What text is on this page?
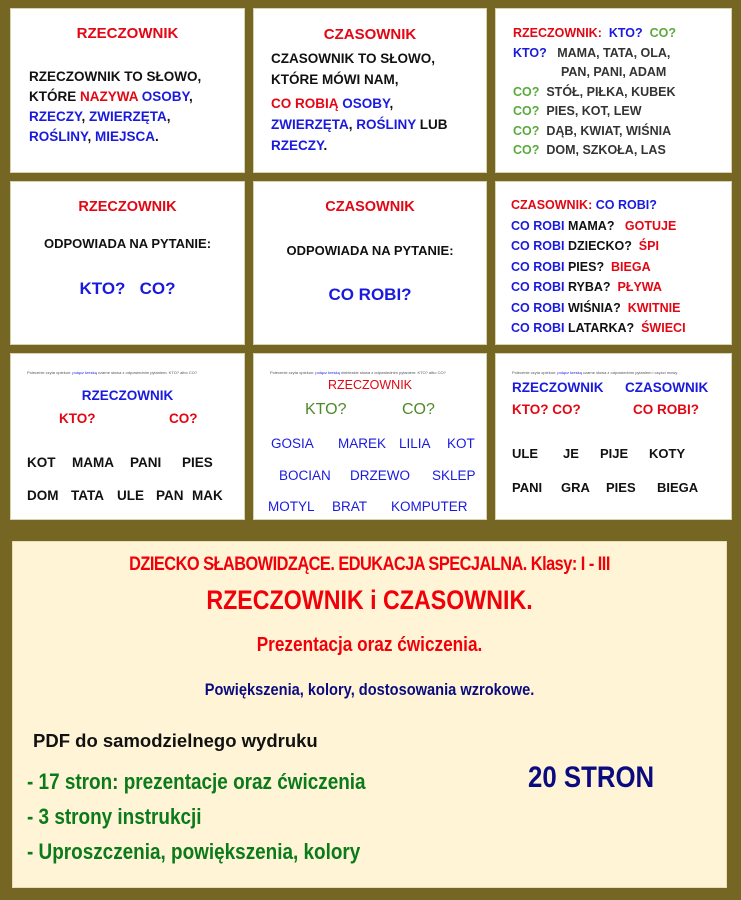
RZECZOWNIK
RZECZOWNIK TO SŁOWO,
KTÓRE NAZYWA OSOBY,
RZECZY, ZWIERZĘTA,
ROŚLINY, MIEJSCA.
CZASOWNIK
CZASOWNIK TO SŁOWO,
KTÓRE MÓWI NAM,
CO ROBIĄ OSOBY,
ZWIERZĘTA, ROŚLINY LUB
RZECZY.
RZECZOWNIK: KTO? CO?
KTO? MAMA, TATA, OLA,
PAN, PANI, ADAM
CO? STÓŁ, PIŁKA, KUBEK
CO? PIES, KOT, LEW
CO? DĄB, KWIAT, WIŚNIA
CO? DOM, SZKOŁA, LAS
RZECZOWNIK
ODPOWIADA NA PYTANIE:
KTO?   CO?
CZASOWNIK
ODPOWIADA NA PYTANIE:
CO ROBI?
CZASOWNIK: CO ROBI?
CO ROBI MAMA? GOTUJE
CO ROBI DZIECKO? ŚPI
CO ROBI PIES? BIEGA
CO ROBI RYBA? PŁYWA
CO ROBI WIŚNIA? KWITNIE
CO ROBI LATARKA? ŚWIECI
Polecenie czyta opiekun: połącz kreską czarne słowa z odpowiednim pytaniem: KTO? albo CO?
RZECZOWNIK
KTO?	CO?
KOT MAMA PANI PIES
DOM TATA ULE PAN MAK
Polecenie czyta opiekun: połącz kreską niebieskie słowa z odpowiednim pytaniem: KTO? albo CO?
RZECZOWNIK
KTO?	CO?
GOSIA MAREK LILIA KOT
BOCIAN DRZEWO SKLEP
MOTYL BRAT KOMPUTER
Polecenie czyta opiekun: połącz kreską czarne słowa z odpowiednim pytaniem i części mowy.
RZECZOWNIK CZASOWNIK
KTO? CO?	CO ROBI?
ULE JE PIJE KOTY
PANI GRA PIES BIEGA
DZIECKO SŁABOWIDZĄCE. EDUKACJA SPECJALNA. Klasy: I - III
RZECZOWNIK i CZASOWNIK.
Prezentacja oraz ćwiczenia.
Powiększenia, kolory, dostosowania wzrokowe.
PDF do samodzielnego wydruku
- 17 stron: prezentacje oraz ćwiczenia
- 3 strony instrukcji
- Uproszczenia, powiększenia, kolory
20 STRON
